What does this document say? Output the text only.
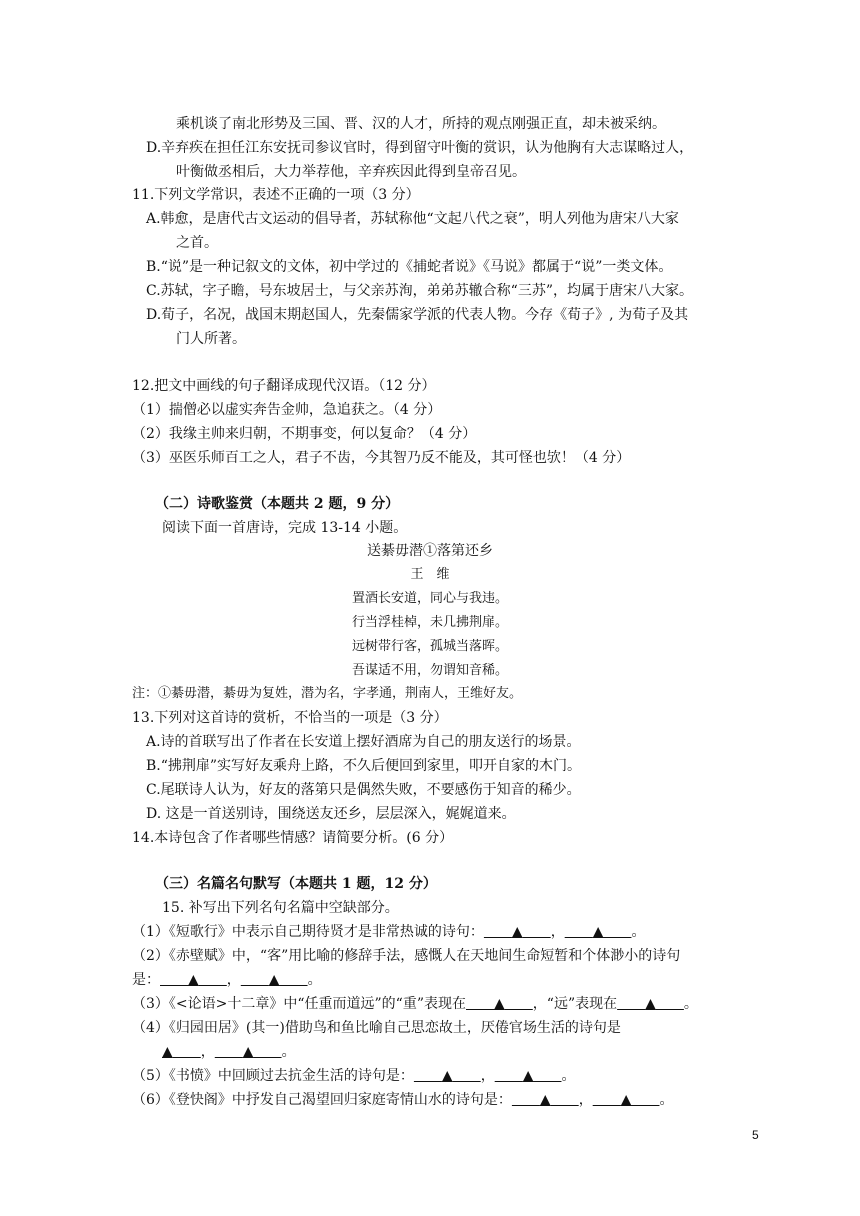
乘机谈了南北形势及三国、晋、汉的人才，所持的观点刚强正直，却未被采纳。
D.辛弃疾在担任江东安抚司参议官时，得到留守叶衡的赏识，认为他胸有大志谋略过人，
叶衡做丞相后，大力举荐他，辛弃疾因此得到皇帝召见。
11.下列文学常识，表述不正确的一项（3 分）
A.韩愈，是唐代古文运动的倡导者，苏轼称他“文起八代之衰”，明人列他为唐宋八大家
之首。
B.“说”是一种记叙文的文体，初中学过的《捕蛇者说》《马说》都属于“说”一类文体。
C.苏轼，字子瞻，号东坡居士，与父亲苏洵，弟弟苏辙合称“三苏”，均属于唐宋八大家。
D.荀子，名况，战国末期赵国人，先秦儒家学派的代表人物。今存《荀子》, 为荀子及其
门人所著。
12.把文中画线的句子翻译成现代汉语。（12 分）
（1）揣僧必以虚实奔告金帅，急追获之。（4 分）
（2）我缘主帅来归朝，不期事变，何以复命？（4 分）
（3）巫医乐师百工之人，君子不齿，今其智乃反不能及，其可怪也欤！（4 分）
（二）诗歌鉴赏（本题共 2 题，9 分）
阅读下面一首唐诗，完成 13-14 小题。
送綦毋潜①落第还乡
王　维
置酒长安道，同心与我违。
行当浮桂棹，未几拂荆扉。
远树带行客，孤城当落晖。
吾谋适不用，勿谓知音稀。
注：①綦毋潜，綦毋为复姓，潜为名，字孝通，荆南人，王维好友。
13.下列对这首诗的赏析，不恰当的一项是（3 分）
A.诗的首联写出了作者在长安道上摆好酒席为自己的朋友送行的场景。
B.“拂荆扉”实写好友乘舟上路，不久后便回到家里，叩开自家的木门。
C.尾联诗人认为，好友的落第只是偶然失败，不要感伤于知音的稀少。
D. 这是一首送别诗，围绕送友还乡，层层深入，娓娓道来。
14.本诗包含了作者哪些情感？请简要分析。(6 分）
（三）名篇名句默写（本题共 1 题，12 分）
15. 补写出下列名句名篇中空缺部分。
（1）《短歌行》中表示自己期待贤才是非常热诚的诗句：   ▲   ，   ▲   。
（2）《赤壁赋》中，“客”用比喻的修辞手法，感慨人在天地间生命短暂和个体渺小的诗句
是：   ▲   ，   ▲   。
（3）《<论语>十二章》中“任重而道远”的“重”表现在   ▲   ，“远”表现在   ▲   。
（4）《归园田居》(其一)借助鸟和鱼比喻自己思恋故土，厌倦官场生活的诗句是
▲   ，   ▲   。
（5）《书愤》中回顾过去抗金生活的诗句是：   ▲   ，   ▲   。
（6）《登快阁》中抒发自己渴望回归家庭寄情山水的诗句是：   ▲   ，   ▲   。
5
